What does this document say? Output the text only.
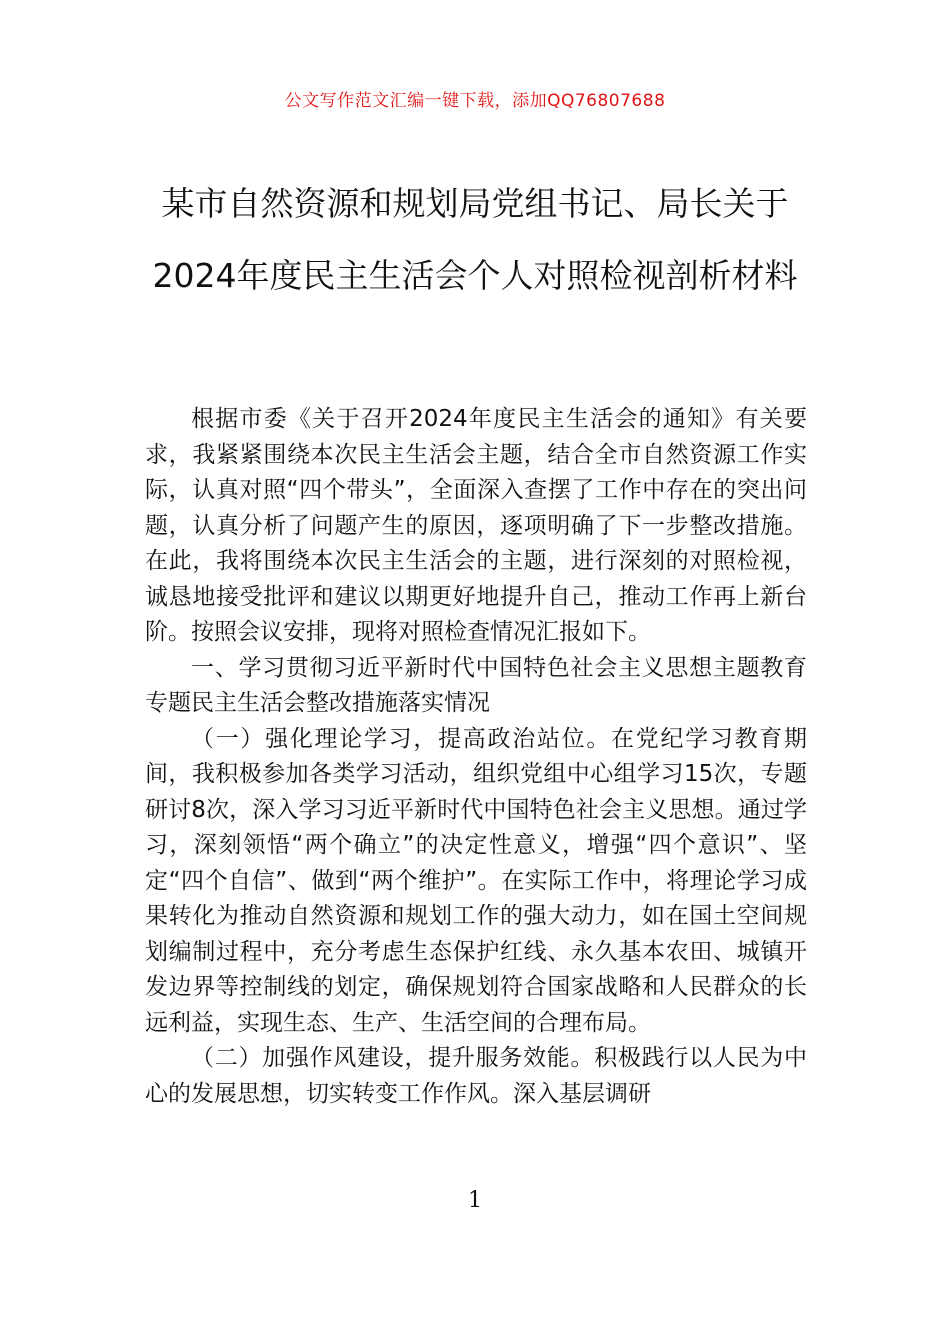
公文写作范文汇编一键下载，添加QQ76807688
某市自然资源和规划局党组书记、局长关于2024年度民主生活会个人对照检视剖析材料

根据市委《关于召开2024年度民主生活会的通知》有关要求，我紧紧围绕本次民主生活会主题，结合全市自然资源工作实际，认真对照“四个带头”，全面深入查摆了工作中存在的突出问题，认真分析了问题产生的原因，逐项明确了下一步整改措施。在此，我将围绕本次民主生活会的主题，进行深刻的对照检视，诚恳地接受批评和建议以期更好地提升自己，推动工作再上新台阶。按照会议安排，现将对照检查情况汇报如下。

一、学习贯彻习近平新时代中国特色社会主义思想主题教育专题民主生活会整改措施落实情况

（一）强化理论学习，提高政治站位。在党纪学习教育期间，我积极参加各类学习活动，组织党组中心组学习15次，专题研讨8次，深入学习习近平新时代中国特色社会主义思想。通过学习，深刻领悟“两个确立”的决定性意义，增强“四个意识”、坚定“四个自信”、做到“两个维护”。在实际工作中，将理论学习成果转化为推动自然资源和规划工作的强大动力，如在国土空间规划编制过程中，充分考虑生态保护红线、永久基本农田、城镇开发边界等控制线的划定，确保规划符合国家战略和人民群众的长远利益，实现生态、生产、生活空间的合理布局。

（二）加强作风建设，提升服务效能。积极践行以人民为中心的发展思想，切实转变工作作风。深入基层调研

1
